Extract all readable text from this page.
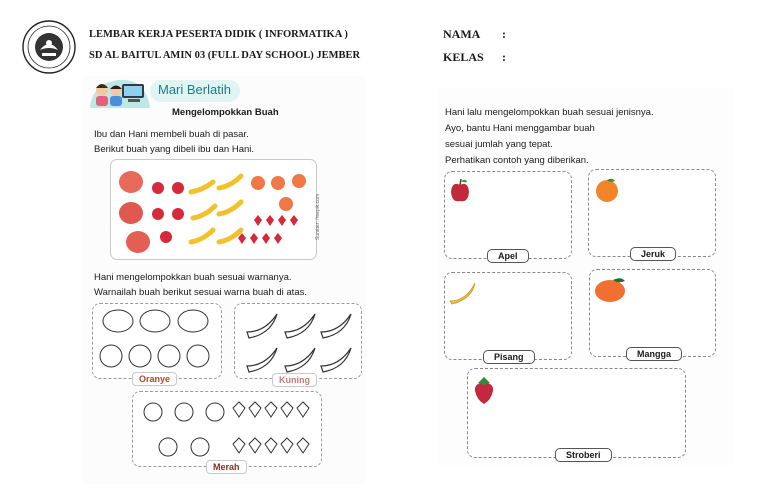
LEMBAR KERJA PESERTA DIDIK ( INFORMATIKA )
SD AL BAITUL AMIN 03 (FULL DAY SCHOOL) JEMBER
NAMA :
KELAS :
Mari Berlatih
Mengelompokkan Buah
Ibu dan Hani membeli buah di pasar.
Berikut buah yang dibeli ibu dan Hani.
Sumber: freepik.com
Hani mengelompokkan buah sesuai warnanya.
Warnailah buah berikut sesuai warna buah di atas.
Oranye	Kuning
Merah
Hani lalu mengelompokkan buah sesuai jenisnya.
Ayo, bantu Hani menggambar buah
sesuai jumlah yang tepat.
Perhatikan contoh yang diberikan.
Apel	Jeruk
Pisang	Mangga
Stroberi
